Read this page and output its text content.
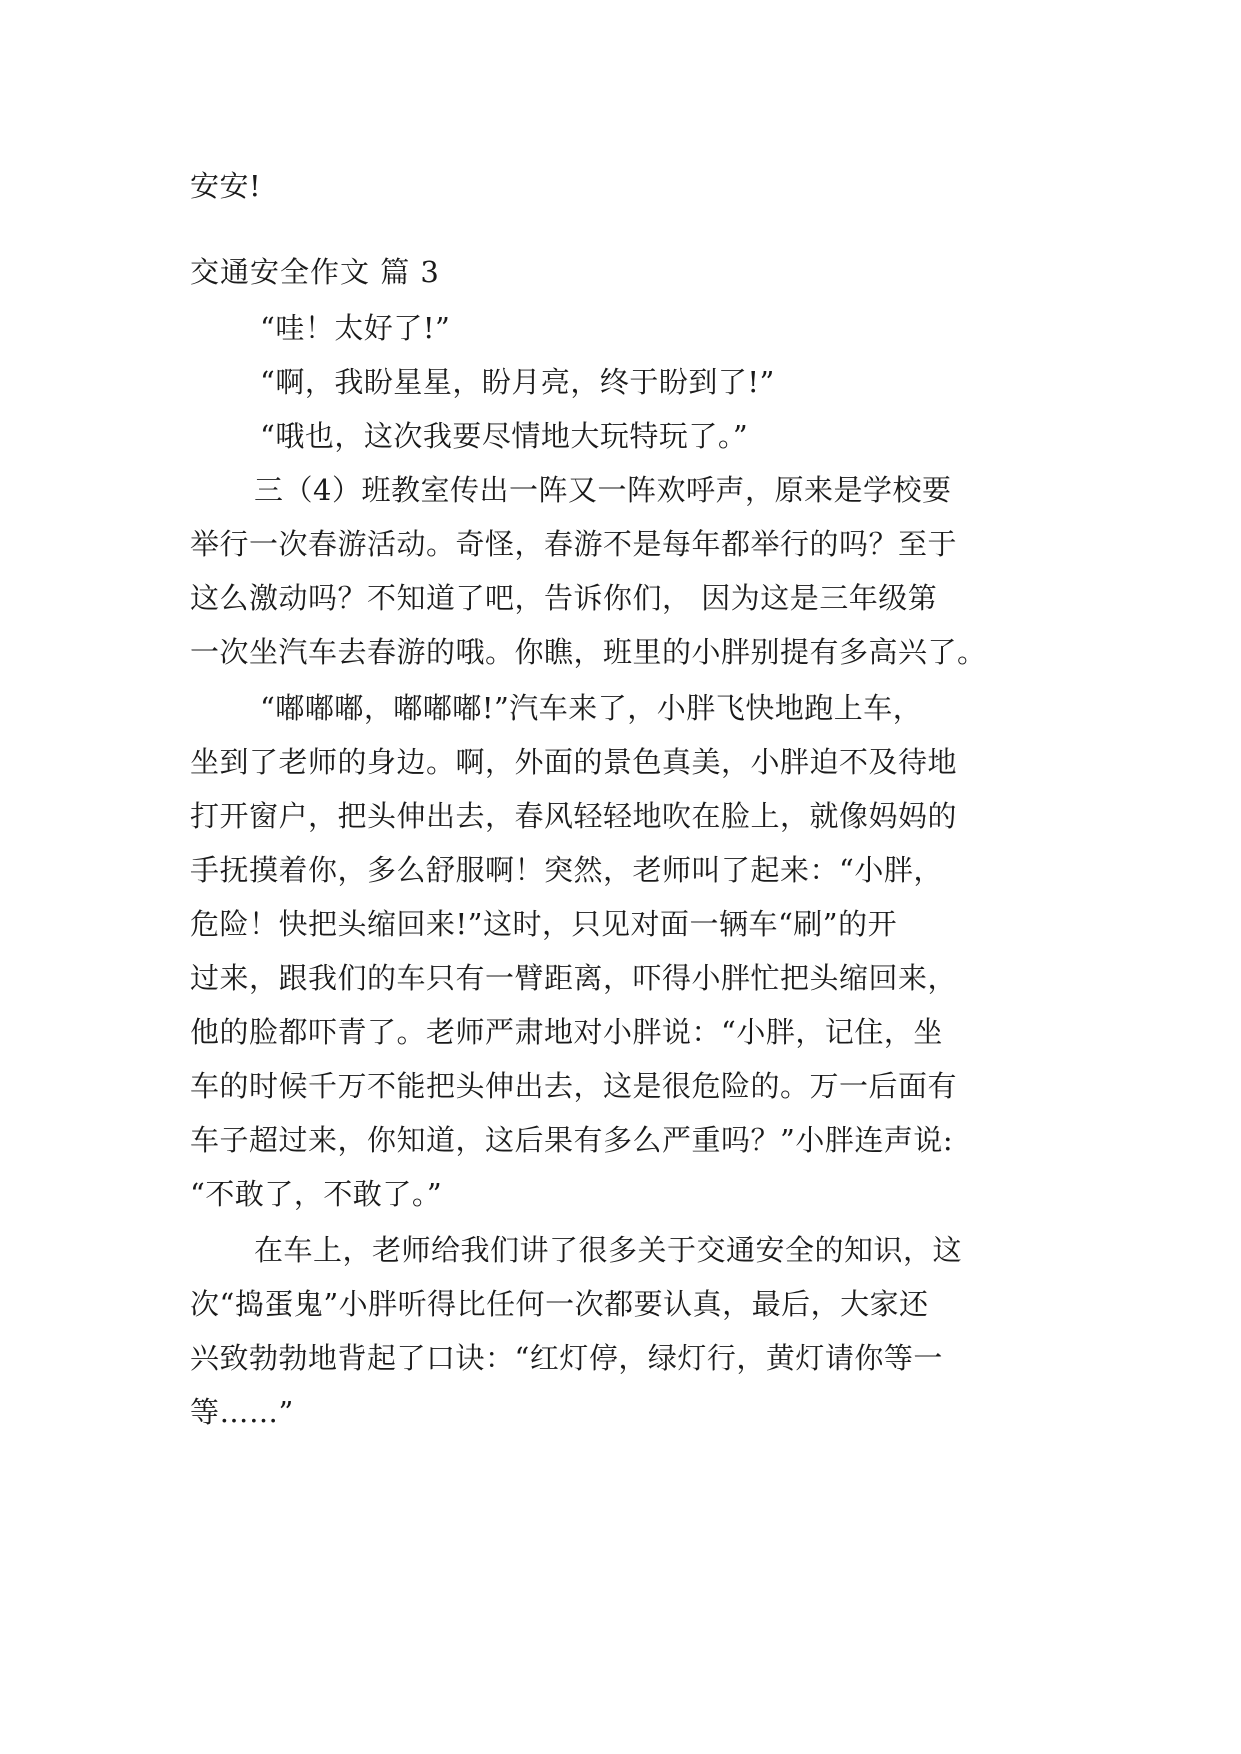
安安!
交通安全作文 篇 3
“哇！太好了!”
“啊，我盼星星，盼月亮，终于盼到了!”
“哦也，这次我要尽情地大玩特玩了。”
三（4）班教室传出一阵又一阵欢呼声，原来是学校要
举行一次春游活动。奇怪，春游不是每年都举行的吗？至于
这么激动吗？不知道了吧，告诉你们， 因为这是三年级第
一次坐汽车去春游的哦。你瞧，班里的小胖别提有多高兴了。
“嘟嘟嘟，嘟嘟嘟!”汽车来了，小胖飞快地跑上车，
坐到了老师的身边。啊，外面的景色真美，小胖迫不及待地
打开窗户，把头伸出去，春风轻轻地吹在脸上，就像妈妈的
手抚摸着你，多么舒服啊！突然，老师叫了起来：“小胖，
危险！快把头缩回来!”这时，只见对面一辆车“刷”的开
过来，跟我们的车只有一臂距离，吓得小胖忙把头缩回来，
他的脸都吓青了。老师严肃地对小胖说：“小胖，记住，坐
车的时候千万不能把头伸出去，这是很危险的。万一后面有
车子超过来，你知道，这后果有多么严重吗？”小胖连声说:
“不敢了，不敢了。”
在车上，老师给我们讲了很多关于交通安全的知识，这
次“捣蛋鬼”小胖听得比任何一次都要认真，最后，大家还
兴致勃勃地背起了口诀：“红灯停，绿灯行，黄灯请你等一
等……”
